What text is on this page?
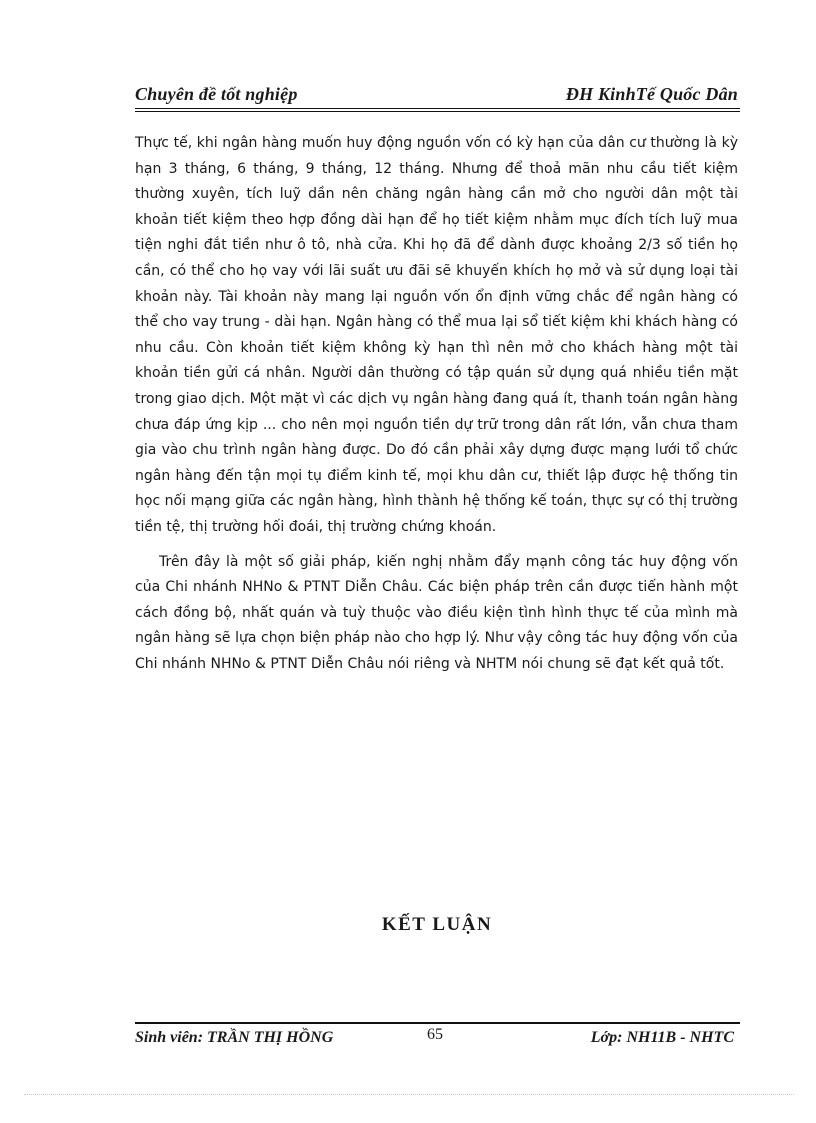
Chuyên đề tốt nghiệp	ĐH KinhTế Quốc Dân

Thực tế, khi ngân hàng muốn huy động nguồn vốn có kỳ hạn của dân cư thường là kỳ hạn 3 tháng, 6 tháng, 9 tháng, 12 tháng. Nhưng để thoả mãn nhu cầu tiết kiệm thường xuyên, tích luỹ dần nên chăng ngân hàng cần mở cho người dân một tài khoản tiết kiệm theo hợp đồng dài hạn để họ tiết kiệm nhằm mục đích tích luỹ mua tiện nghi đắt tiền như ô tô, nhà cửa. Khi họ đã để dành được khoảng 2/3 số tiền họ cần, có thể cho họ vay với lãi suất ưu đãi sẽ khuyến khích họ mở và sử dụng loại tài khoản này. Tài khoản này mang lại nguồn vốn ổn định vững chắc để ngân hàng có thể cho vay trung - dài hạn. Ngân hàng có thể mua lại sổ tiết kiệm khi khách hàng có nhu cầu. Còn khoản tiết kiệm không kỳ hạn thì nên mở cho khách hàng một tài khoản tiền gửi cá nhân. Người dân thường có tập quán sử dụng quá nhiều tiền mặt trong giao dịch. Một mặt vì các dịch vụ ngân hàng đang quá ít, thanh toán ngân hàng chưa đáp ứng kịp ... cho nên mọi nguồn tiền dự trữ trong dân rất lớn, vẫn chưa tham gia vào chu trình ngân hàng được. Do đó cần phải xây dựng được mạng lưới tổ chức ngân hàng đến tận mọi tụ điểm kinh tế, mọi khu dân cư, thiết lập được hệ thống tin học nối mạng giữa các ngân hàng, hình thành hệ thống kế toán, thực sự có thị trường tiền tệ, thị trường hối đoái, thị trường chứng khoán.

Trên đây là một số giải pháp, kiến nghị nhằm đẩy mạnh công tác huy động vốn của Chi nhánh NHNo & PTNT Diễn Châu. Các biện pháp trên cần được tiến hành một cách đồng bộ, nhất quán và tuỳ thuộc vào điều kiện tình hình thực tế của mình mà ngân hàng sẽ lựa chọn biện pháp nào cho hợp lý. Như vậy công tác huy động vốn của Chi nhánh NHNo & PTNT Diễn Châu nói riêng và NHTM nói chung sẽ đạt kết quả tốt.

KẾT LUẬN
Sinh viên: TRẦN THỊ HỒNG	65	Lớp: NH11B - NHTC
